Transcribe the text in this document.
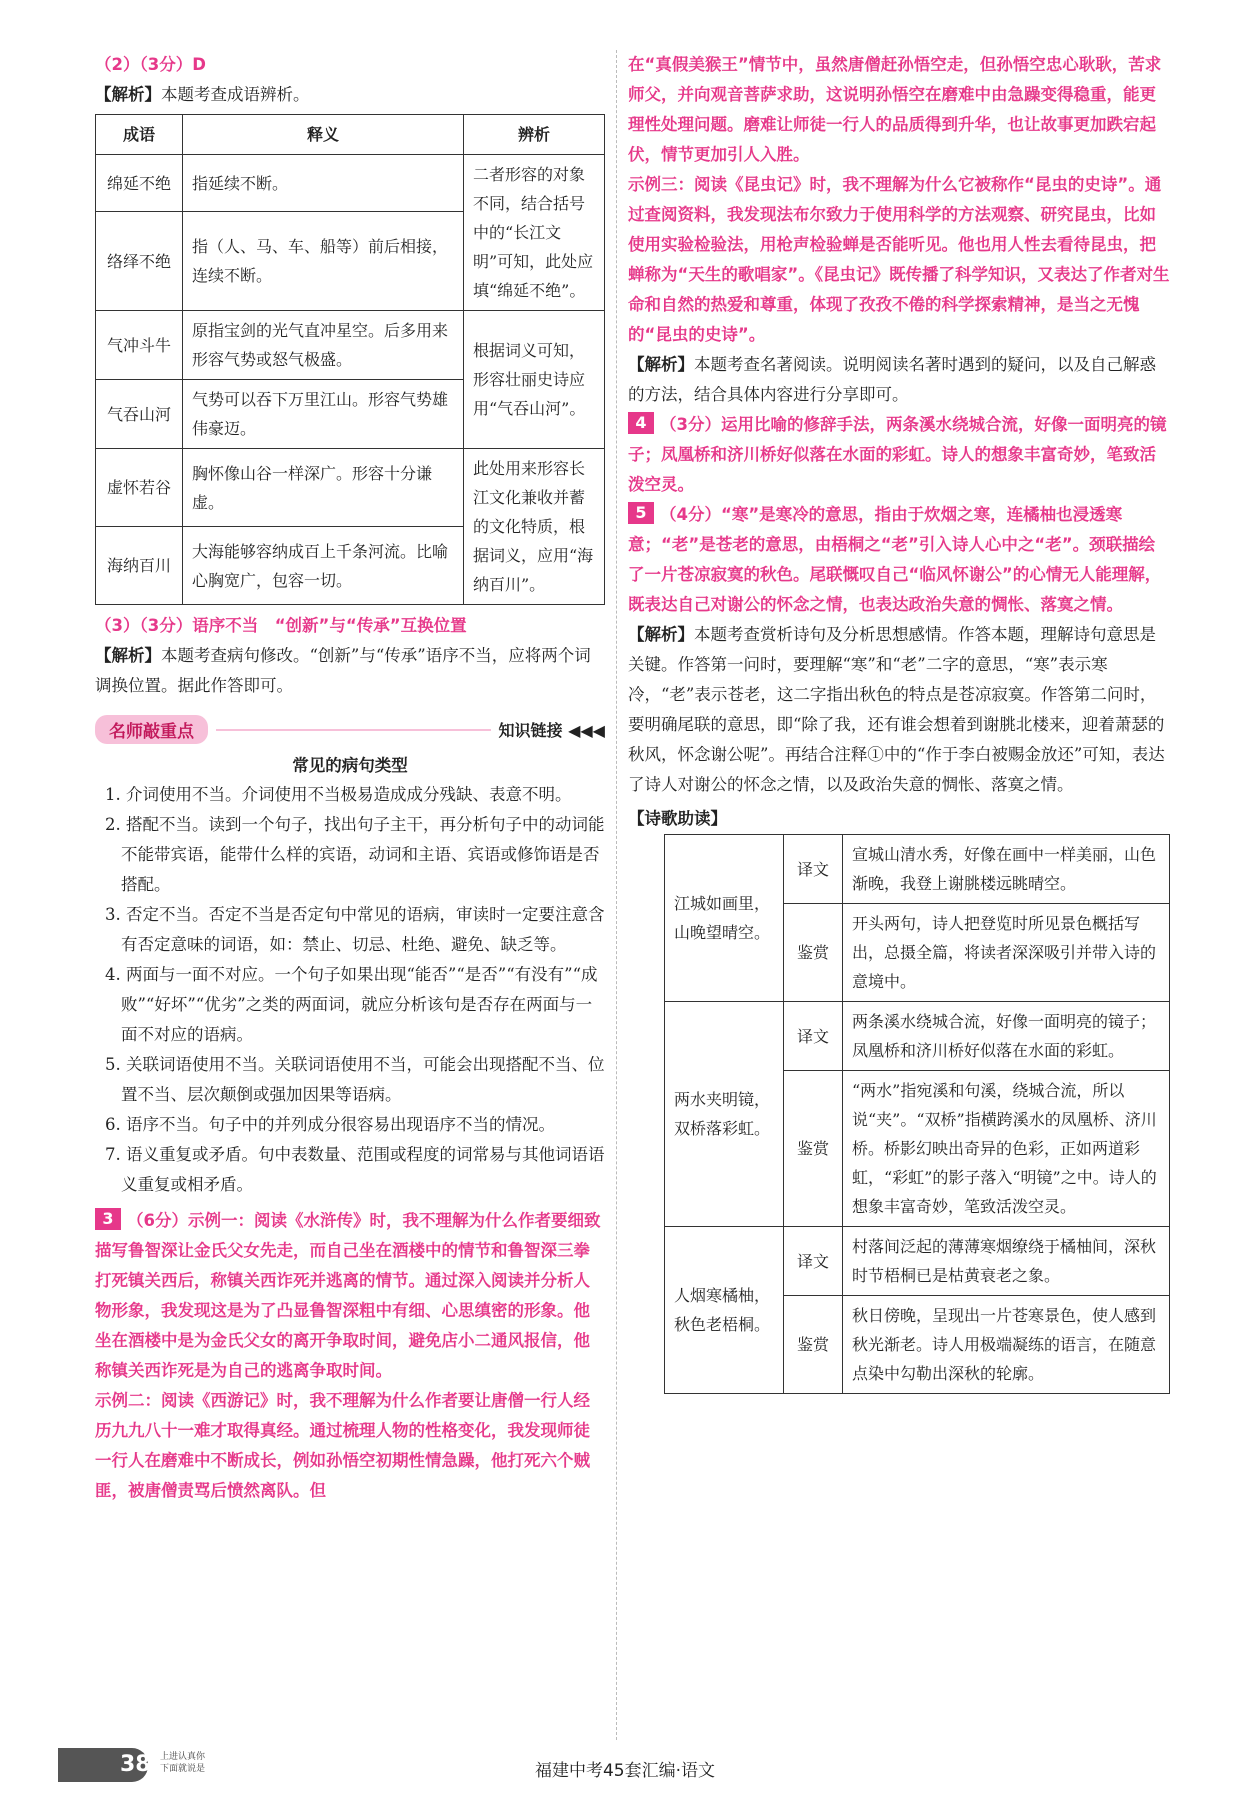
（2）（3分）D

【解析】本题考查成语辨析。

成语	释义	辨析
绵延不绝	指延续不断。	二者形容的对象不同，结合括号中的“长江文明”可知，此处应填“绵延不绝”。
络绎不绝	指（人、马、车、船等）前后相接，连续不断。	
气冲斗牛	原指宝剑的光气直冲星空。后多用来形容气势或怒气极盛。	根据词义可知，形容壮丽史诗应用“气吞山河”。
气吞山河	气势可以吞下万里江山。形容气势雄伟豪迈。	
虚怀若谷	胸怀像山谷一样深广。形容十分谦虚。	此处用来形容长江文化兼收并蓄的文化特质，根据词义，应用“海纳百川”。
海纳百川	大海能够容纳成百上千条河流。比喻心胸宽广，包容一切。	
（3）（3分）语序不当　“创新”与“传承”互换位置

【解析】本题考查病句修改。“创新”与“传承”语序不当，应将两个词调换位置。据此作答即可。

名师敲重点	知识链接 ◀◀◀
常见的病句类型
1. 介词使用不当。介词使用不当极易造成成分残缺、表意不明。
2. 搭配不当。读到一个句子，找出句子主干，再分析句子中的动词能不能带宾语，能带什么样的宾语，动词和主语、宾语或修饰语是否搭配。
3. 否定不当。否定不当是否定句中常见的语病，审读时一定要注意含有否定意味的词语，如：禁止、切忌、杜绝、避免、缺乏等。
4. 两面与一面不对应。一个句子如果出现“能否”“是否”“有没有”“成败”“好坏”“优劣”之类的两面词，就应分析该句是否存在两面与一面不对应的语病。
5. 关联词语使用不当。关联词语使用不当，可能会出现搭配不当、位置不当、层次颠倒或强加因果等语病。
6. 语序不当。句子中的并列成分很容易出现语序不当的情况。
7. 语义重复或矛盾。句中表数量、范围或程度的词常易与其他词语语义重复或相矛盾。
3 （6分）示例一：阅读《水浒传》时，我不理解为什么作者要细致描写鲁智深让金氏父女先走，而自己坐在酒楼中的情节和鲁智深三拳打死镇关西后，称镇关西诈死并逃离的情节。通过深入阅读并分析人物形象，我发现这是为了凸显鲁智深粗中有细、心思缜密的形象。他坐在酒楼中是为金氏父女的离开争取时间，避免店小二通风报信，他称镇关西诈死是为自己的逃离争取时间。
示例二：阅读《西游记》时，我不理解为什么作者要让唐僧一行人经历九九八十一难才取得真经。通过梳理人物的性格变化，我发现师徒一行人在磨难中不断成长，例如孙悟空初期性情急躁，他打死六个贼匪，被唐僧责骂后愤然离队。但
在“真假美猴王”情节中，虽然唐僧赶孙悟空走，但孙悟空忠心耿耿，苦求师父，并向观音菩萨求助，这说明孙悟空在磨难中由急躁变得稳重，能更理性处理问题。磨难让师徒一行人的品质得到升华，也让故事更加跌宕起伏，情节更加引人入胜。
示例三：阅读《昆虫记》时，我不理解为什么它被称作“昆虫的史诗”。通过查阅资料，我发现法布尔致力于使用科学的方法观察、研究昆虫，比如使用实验检验法，用枪声检验蝉是否能听见。他也用人性去看待昆虫，把蝉称为“天生的歌唱家”。《昆虫记》既传播了科学知识，又表达了作者对生命和自然的热爱和尊重，体现了孜孜不倦的科学探索精神，是当之无愧的“昆虫的史诗”。

【解析】本题考查名著阅读。说明阅读名著时遇到的疑问，以及自己解惑的方法，结合具体内容进行分享即可。

4 （3分）运用比喻的修辞手法，两条溪水绕城合流，好像一面明亮的镜子；凤凰桥和济川桥好似落在水面的彩虹。诗人的想象丰富奇妙，笔致活泼空灵。
5 （4分）“寒”是寒冷的意思，指由于炊烟之寒，连橘柚也浸透寒意；“老”是苍老的意思，由梧桐之“老”引入诗人心中之“老”。颈联描绘了一片苍凉寂寞的秋色。尾联慨叹自己“临风怀谢公”的心情无人能理解，既表达自己对谢公的怀念之情，也表达政治失意的惆怅、落寞之情。

【解析】本题考查赏析诗句及分析思想感情。作答本题，理解诗句意思是关键。作答第一问时，要理解“寒”和“老”二字的意思，“寒”表示寒冷，“老”表示苍老，这二字指出秋色的特点是苍凉寂寞。作答第二问时，要明确尾联的意思，即“除了我，还有谁会想着到谢朓北楼来，迎着萧瑟的秋风，怀念谢公呢”。再结合注释①中的“作于李白被赐金放还”可知，表达了诗人对谢公的怀念之情，以及政治失意的惆怅、落寞之情。

【诗歌助读】
江城如画里，山晚望晴空。	译文	宣城山清水秀，好像在画中一样美丽，山色渐晚，我登上谢朓楼远眺晴空。
	鉴赏	开头两句，诗人把登览时所见景色概括写出，总摄全篇，将读者深深吸引并带入诗的意境中。
两水夹明镜，双桥落彩虹。	译文	两条溪水绕城合流，好像一面明亮的镜子；凤凰桥和济川桥好似落在水面的彩虹。
	鉴赏	“两水”指宛溪和句溪，绕城合流，所以说“夹”。“双桥”指横跨溪水的凤凰桥、济川桥。桥影幻映出奇异的色彩，正如两道彩虹，“彩虹”的影子落入“明镜”之中。诗人的想象丰富奇妙，笔致活泼空灵。
人烟寒橘柚，秋色老梧桐。	译文	村落间泛起的薄薄寒烟缭绕于橘柚间，深秋时节梧桐已是枯黄衰老之象。
	鉴赏	秋日傍晚，呈现出一片苍寒景色，使人感到秋光渐老。诗人用极端凝练的语言，在随意点染中勾勒出深秋的轮廓。
38 上进认真你
下面就说是	福建中考45套汇编·语文
